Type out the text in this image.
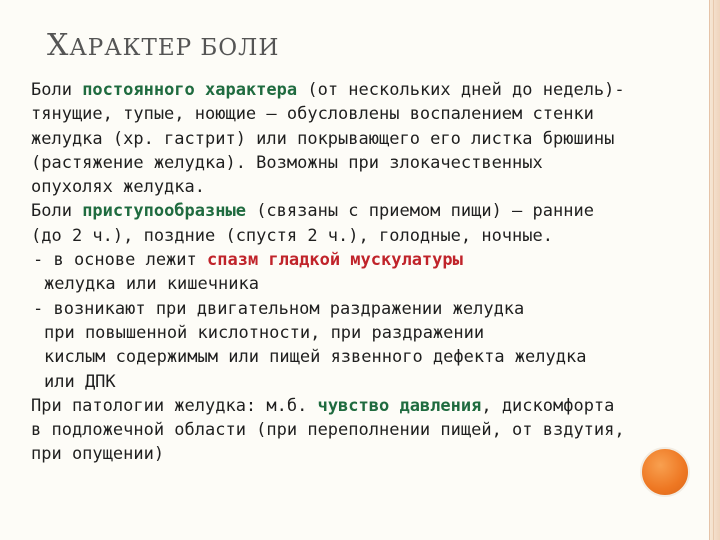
ХАРАКТЕР БОЛИ
Боли постоянного характера (от нескольких дней до недель)-
тянущие, тупые, ноющие – обусловлены воспалением стенки
желудка (хр. гастрит) или покрывающего его листка брюшины
(растяжение желудка). Возможны при злокачественных
опухолях желудка.
Боли приступообразные (связаны с приемом пищи) – ранние
(до 2 ч.), поздние (спустя 2 ч.), голодные, ночные.
- в основе лежит спазм гладкой мускулатуры
желудка или кишечника
- возникают при двигательном раздражении желудка
при повышенной кислотности, при раздражении
кислым содержимым или пищей язвенного дефекта желудка
или ДПК
При патологии желудка: м.б. чувство давления, дискомфорта
в подложечной области (при переполнении пищей, от вздутия,
при опущении)
